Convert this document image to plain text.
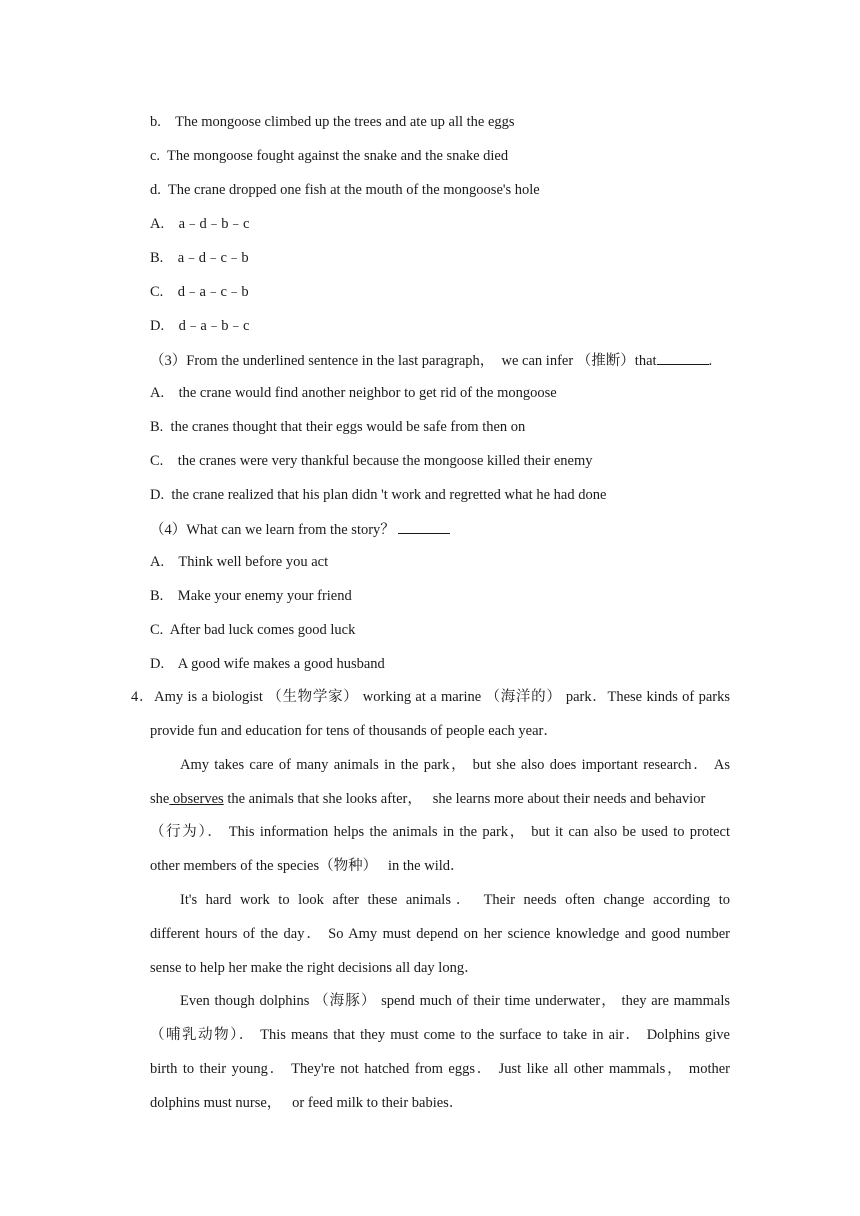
b.    The mongoose climbed up the trees and ate up all the eggs
c.  The mongoose fought against the snake and the snake died
d.  The crane dropped one fish at the mouth of the mongoose's hole
A.    a﹣d﹣b﹣c
B.    a﹣d﹣c﹣b
C.    d﹣a﹣c﹣b
D.    d﹣a﹣b﹣c
（3）From the underlined sentence in the last paragraph，  we can infer （推断）that	.
A.    the crane would find another neighbor to get rid of the mongoose
B.  the cranes thought that their eggs would be safe from then on
C.    the cranes were very thankful because the mongoose killed their enemy
D.  the crane realized that his plan didn 't work and regretted what he had done
（4）What can we learn from the story？
A.    Think well before you act
B.    Make your enemy your friend
C.  After bad luck comes good luck
D.    A good wife makes a good husband
4．Amy is a biologist （生物学家） working at a marine （海洋的） park．These kinds of parks
provide fun and education for tens of thousands of people each year．
Amy takes care of many animals in the park， but she also does important research． As
she observes the animals that she looks after，   she learns more about their needs and behavior
（行为）． This information helps the animals in the park， but it can also be used to protect
other members of the species（物种）   in the wild．
It's hard work to look after these animals． Their needs often change according to
different hours of the day． So Amy must depend on her science knowledge and good number
sense to help her make the right decisions all day long．
Even though dolphins （海豚） spend much of their time underwater， they are mammals
（哺乳动物）． This means that they must come to the surface to take in air． Dolphins give
birth to their young． They're not hatched from eggs． Just like all other mammals， mother
dolphins must nurse，   or feed milk to their babies．
